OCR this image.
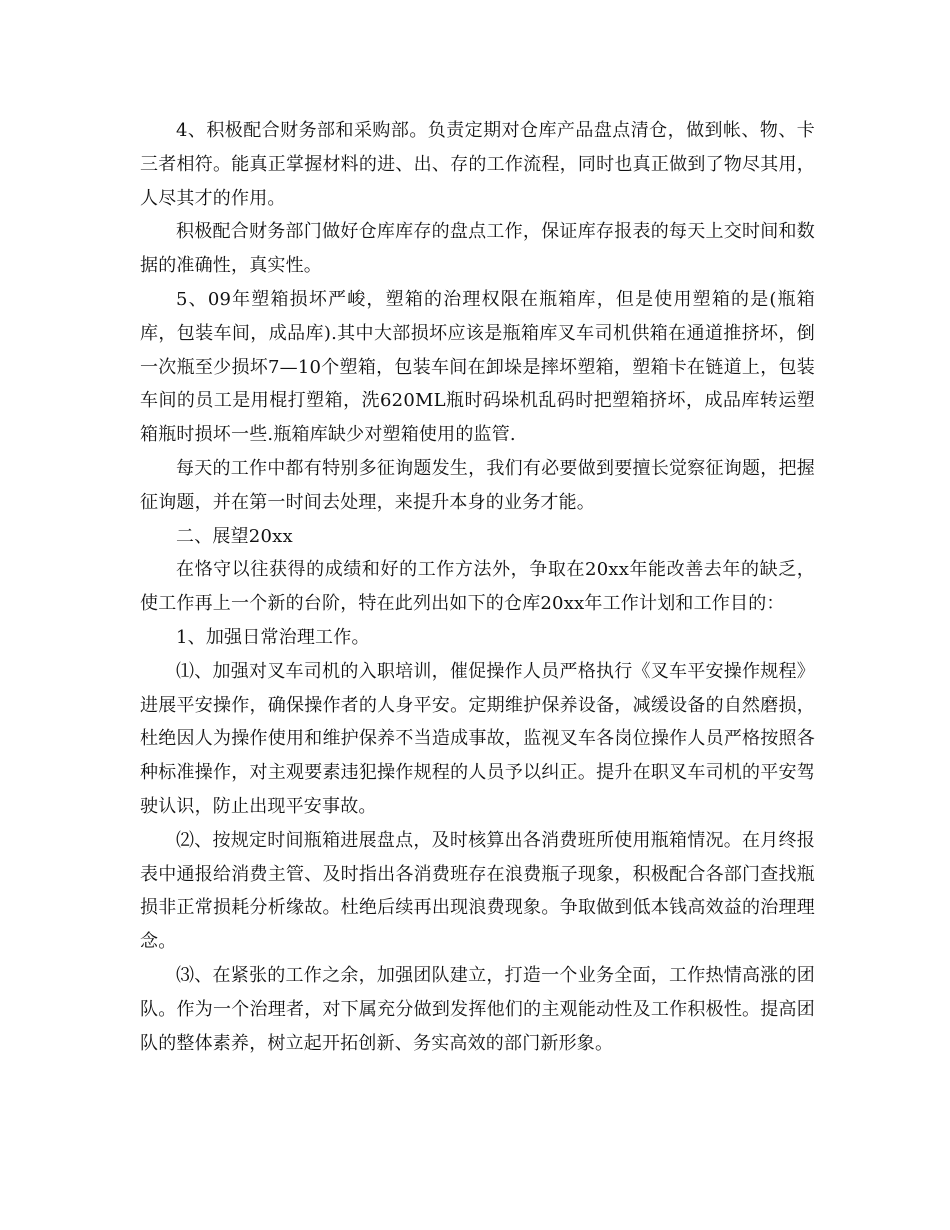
4、积极配合财务部和采购部。负责定期对仓库产品盘点清仓，做到帐、物、卡三者相符。能真正掌握材料的进、出、存的工作流程，同时也真正做到了物尽其用，人尽其才的作用。

积极配合财务部门做好仓库库存的盘点工作，保证库存报表的每天上交时间和数据的准确性，真实性。

5、09年塑箱损坏严峻，塑箱的治理权限在瓶箱库，但是使用塑箱的是(瓶箱库，包装车间，成品库).其中大部损坏应该是瓶箱库叉车司机供箱在通道推挤坏，倒一次瓶至少损坏7—10个塑箱，包装车间在卸垛是摔坏塑箱，塑箱卡在链道上，包装车间的员工是用棍打塑箱，洗620ML瓶时码垛机乱码时把塑箱挤坏，成品库转运塑箱瓶时损坏一些.瓶箱库缺少对塑箱使用的监管.

每天的工作中都有特别多征询题发生，我们有必要做到要擅长觉察征询题，把握征询题，并在第一时间去处理，来提升本身的业务才能。

二、展望20xx

在恪守以往获得的成绩和好的工作方法外，争取在20xx年能改善去年的缺乏，使工作再上一个新的台阶，特在此列出如下的仓库20xx年工作计划和工作目的：

1、加强日常治理工作。

⑴、加强对叉车司机的入职培训，催促操作人员严格执行《叉车平安操作规程》进展平安操作，确保操作者的人身平安。定期维护保养设备，减缓设备的自然磨损，杜绝因人为操作使用和维护保养不当造成事故，监视叉车各岗位操作人员严格按照各种标准操作，对主观要素违犯操作规程的人员予以纠正。提升在职叉车司机的平安驾驶认识，防止出现平安事故。

⑵、按规定时间瓶箱进展盘点，及时核算出各消费班所使用瓶箱情况。在月终报表中通报给消费主管、及时指出各消费班存在浪费瓶子现象，积极配合各部门查找瓶损非正常损耗分析缘故。杜绝后续再出现浪费现象。争取做到低本钱高效益的治理理念。

⑶、在紧张的工作之余，加强团队建立，打造一个业务全面，工作热情高涨的团队。作为一个治理者，对下属充分做到发挥他们的主观能动性及工作积极性。提高团队的整体素养，树立起开拓创新、务实高效的部门新形象。
